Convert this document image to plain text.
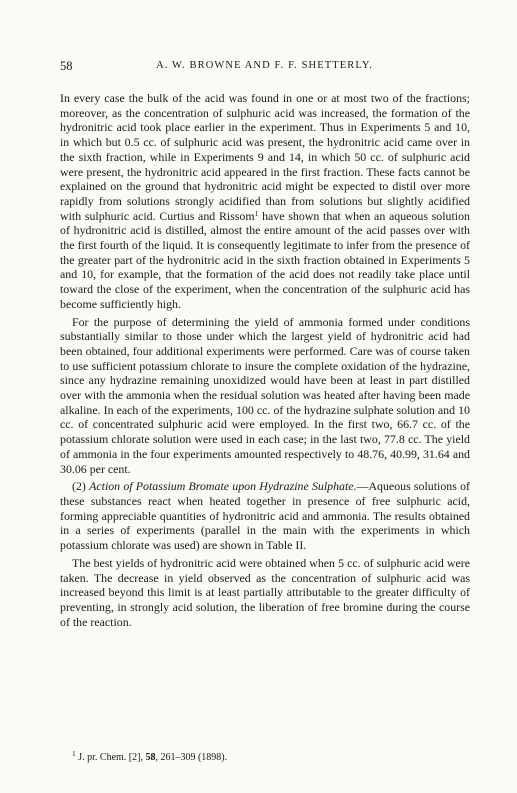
58	A. W. BROWNE AND F. F. SHETTERLY.

In every case the bulk of the acid was found in one or at most two of the fractions; moreover, as the concentration of sulphuric acid was increased, the formation of the hydronitric acid took place earlier in the experiment. Thus in Experiments 5 and 10, in which but 0.5 cc. of sulphuric acid was present, the hydronitric acid came over in the sixth fraction, while in Experiments 9 and 14, in which 50 cc. of sulphuric acid were present, the hydronitric acid appeared in the first fraction. These facts cannot be explained on the ground that hydronitric acid might be expected to distil over more rapidly from solutions strongly acidified than from solutions but slightly acidified with sulphuric acid. Curtius and Rissom$^1$ have shown that when an aqueous solution of hydronitric acid is distilled, almost the entire amount of the acid passes over with the first fourth of the liquid. It is consequently legitimate to infer from the presence of the greater part of the hydronitric acid in the sixth fraction obtained in Experiments 5 and 10, for example, that the formation of the acid does not readily take place until toward the close of the experiment, when the concentration of the sulphuric acid has become sufficiently high.

For the purpose of determining the yield of ammonia formed under conditions substantially similar to those under which the largest yield of hydronitric acid had been obtained, four additional experiments were performed. Care was of course taken to use sufficient potassium chlorate to insure the complete oxidation of the hydrazine, since any hydrazine remaining unoxidized would have been at least in part distilled over with the ammonia when the residual solution was heated after having been made alkaline. In each of the experiments, 100 cc. of the hydrazine sulphate solution and 10 cc. of concentrated sulphuric acid were employed. In the first two, 66.7 cc. of the potassium chlorate solution were used in each case; in the last two, 77.8 cc. The yield of ammonia in the four experiments amounted respectively to 48.76, 40.99, 31.64 and 30.06 per cent.

(2) Action of Potassium Bromate upon Hydrazine Sulphate.—Aqueous solutions of these substances react when heated together in presence of free sulphuric acid, forming appreciable quantities of hydronitric acid and ammonia. The results obtained in a series of experiments (parallel in the main with the experiments in which potassium chlorate was used) are shown in Table II.

The best yields of hydronitric acid were obtained when 5 cc. of sulphuric acid were taken. The decrease in yield observed as the concentration of sulphuric acid was increased beyond this limit is at least partially attributable to the greater difficulty of preventing, in strongly acid solution, the liberation of free bromine during the course of the reaction.

$^1$ J. pr. Chem. [2], 58, 261–309 (1898).
